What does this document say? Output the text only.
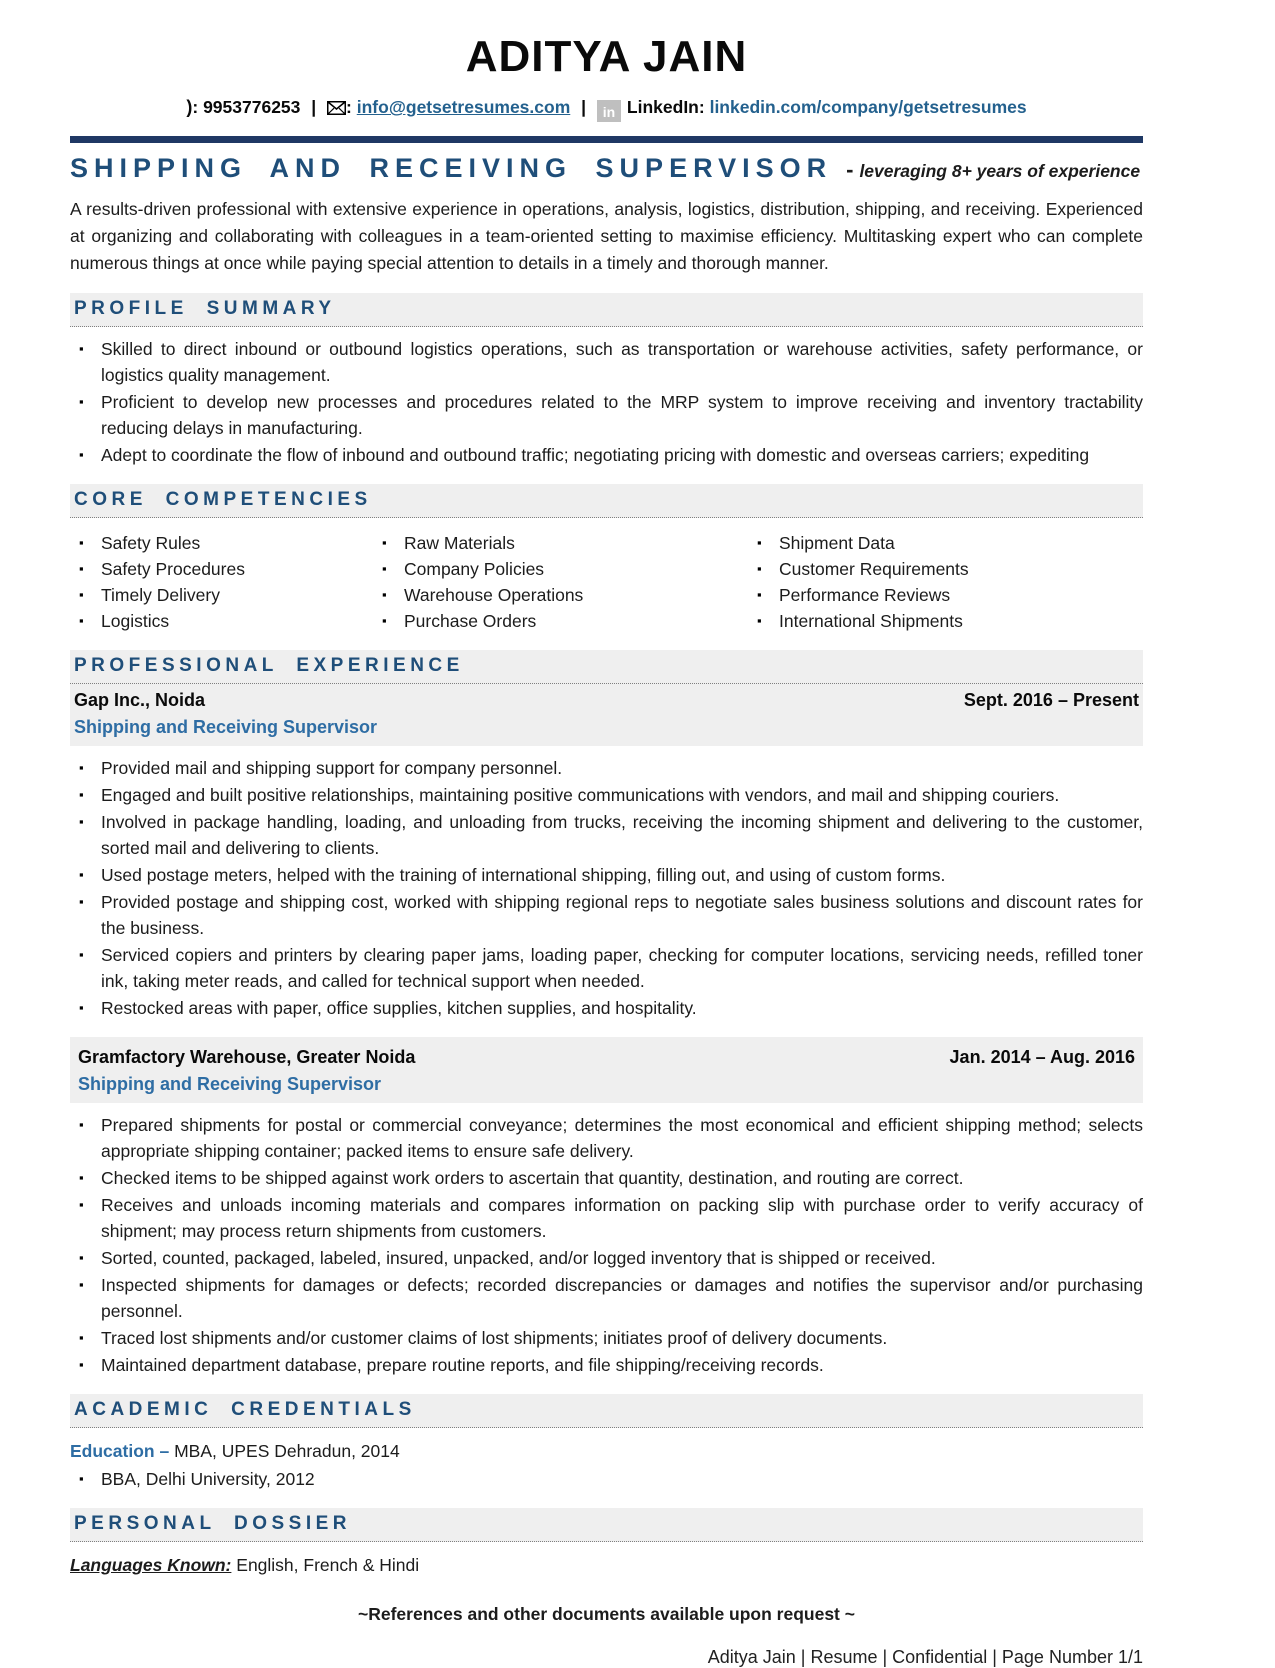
ADITYA JAIN
): 9953776253 | : info@getsetresumes.com | in LinkedIn: linkedin.com/company/getsetresumes
SHIPPING AND RECEIVING SUPERVISOR - leveraging 8+ years of experience

A results-driven professional with extensive experience in operations, analysis, logistics, distribution, shipping, and receiving. Experienced at organizing and collaborating with colleagues in a team-oriented setting to maximise efficiency. Multitasking expert who can complete numerous things at once while paying special attention to details in a timely and thorough manner.

PROFILE SUMMARY
▪ Skilled to direct inbound or outbound logistics operations, such as transportation or warehouse activities, safety performance, or logistics quality management.
▪ Proficient to develop new processes and procedures related to the MRP system to improve receiving and inventory tractability reducing delays in manufacturing.
▪ Adept to coordinate the flow of inbound and outbound traffic; negotiating pricing with domestic and overseas carriers; expediting
CORE COMPETENCIES
▪ Safety Rules
▪ Safety Procedures
▪ Timely Delivery
▪ Logistics
▪ Raw Materials
▪ Company Policies
▪ Warehouse Operations
▪ Purchase Orders
▪ Shipment Data
▪ Customer Requirements
▪ Performance Reviews
▪ International Shipments
PROFESSIONAL EXPERIENCE
Gap Inc., Noida	Sept. 2016 – Present
Shipping and Receiving Supervisor
▪ Provided mail and shipping support for company personnel.
▪ Engaged and built positive relationships, maintaining positive communications with vendors, and mail and shipping couriers.
▪ Involved in package handling, loading, and unloading from trucks, receiving the incoming shipment and delivering to the customer, sorted mail and delivering to clients.
▪ Used postage meters, helped with the training of international shipping, filling out, and using of custom forms.
▪ Provided postage and shipping cost, worked with shipping regional reps to negotiate sales business solutions and discount rates for the business.
▪ Serviced copiers and printers by clearing paper jams, loading paper, checking for computer locations, servicing needs, refilled toner ink, taking meter reads, and called for technical support when needed.
▪ Restocked areas with paper, office supplies, kitchen supplies, and hospitality.
Gramfactory Warehouse, Greater Noida	Jan. 2014 – Aug. 2016
Shipping and Receiving Supervisor
▪ Prepared shipments for postal or commercial conveyance; determines the most economical and efficient shipping method; selects appropriate shipping container; packed items to ensure safe delivery.
▪ Checked items to be shipped against work orders to ascertain that quantity, destination, and routing are correct.
▪ Receives and unloads incoming materials and compares information on packing slip with purchase order to verify accuracy of shipment; may process return shipments from customers.
▪ Sorted, counted, packaged, labeled, insured, unpacked, and/or logged inventory that is shipped or received.
▪ Inspected shipments for damages or defects; recorded discrepancies or damages and notifies the supervisor and/or purchasing personnel.
▪ Traced lost shipments and/or customer claims of lost shipments; initiates proof of delivery documents.
▪ Maintained department database, prepare routine reports, and file shipping/receiving records.
ACADEMIC CREDENTIALS
Education – MBA, UPES Dehradun, 2014
▪ BBA, Delhi University, 2012
PERSONAL DOSSIER
Languages Known: English, French & Hindi
~References and other documents available upon request ~
Aditya Jain | Resume | Confidential | Page Number 1/1
